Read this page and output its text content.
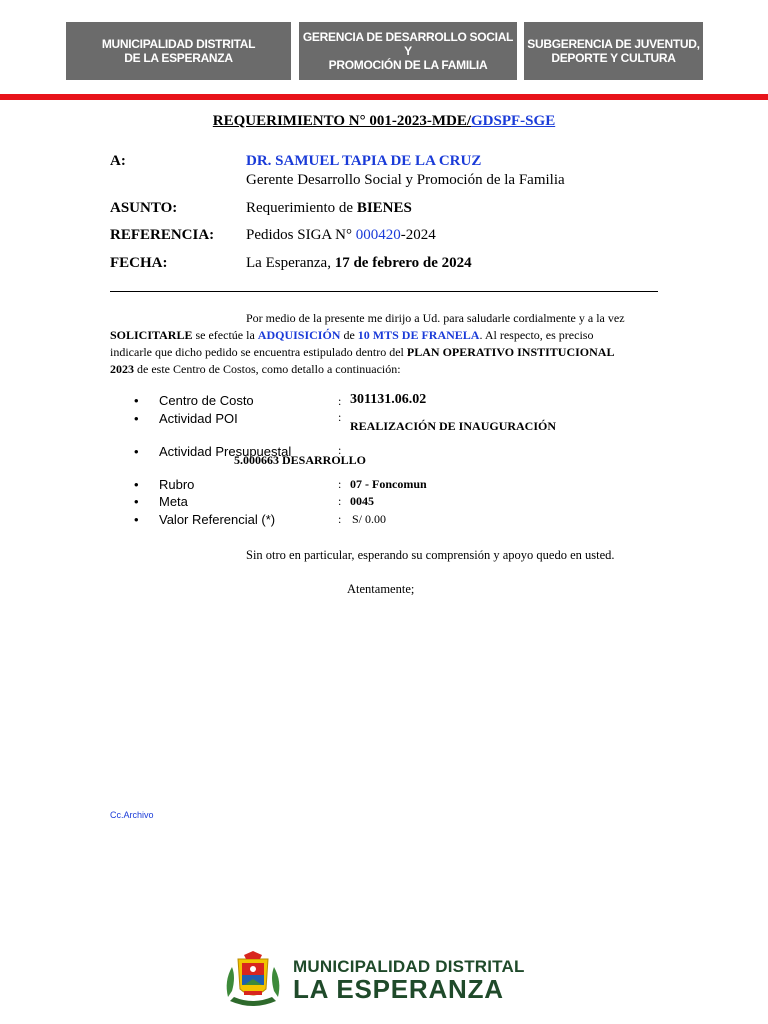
MUNICIPALIDAD DISTRITAL
DE LA ESPERANZA
GERENCIA DE DESARROLLO SOCIAL Y
PROMOCIÓN DE LA FAMILIA
SUBGERENCIA DE JUVENTUD,
DEPORTE Y CULTURA
REQUERIMIENTO N° 001-2023-MDE/GDSPF-SGE
A:	DR. SAMUEL TAPIA DE LA CRUZ
Gerente Desarrollo Social y Promoción de la Familia
ASUNTO:	Requerimiento de BIENES
REFERENCIA: Pedidos SIGA N° 000420-2024
FECHA:	La Esperanza, 17 de febrero de 2024

Por medio de la presente me dirijo a Ud. para saludarle cordialmente y a la vez

SOLICITARLE se efectúe la ADQUISICIÓN de 10 MTS DE FRANELA. Al respecto, es preciso

indicarle que dicho pedido se encuentra estipulado dentro del PLAN OPERATIVO INSTITUCIONAL

2023 de este Centro de Costos, como detallo a continuación:

• Centro de Costo	: 301131.06.02
• Actividad POI	:
REALIZACIÓN DE INAUGURACIÓN
• Actividad Presupuestal	:
5.000663 DESARROLLO
• Rubro	: 07 - Foncomun
• Meta	: 0045
• Valor Referencial (*)	: S/ 0.00
Sin otro en particular, esperando su comprensión y apoyo quedo en usted.
Atentamente;
Cc.Archivo
MUNICIPALIDAD DISTRITAL
LA ESPERANZA
